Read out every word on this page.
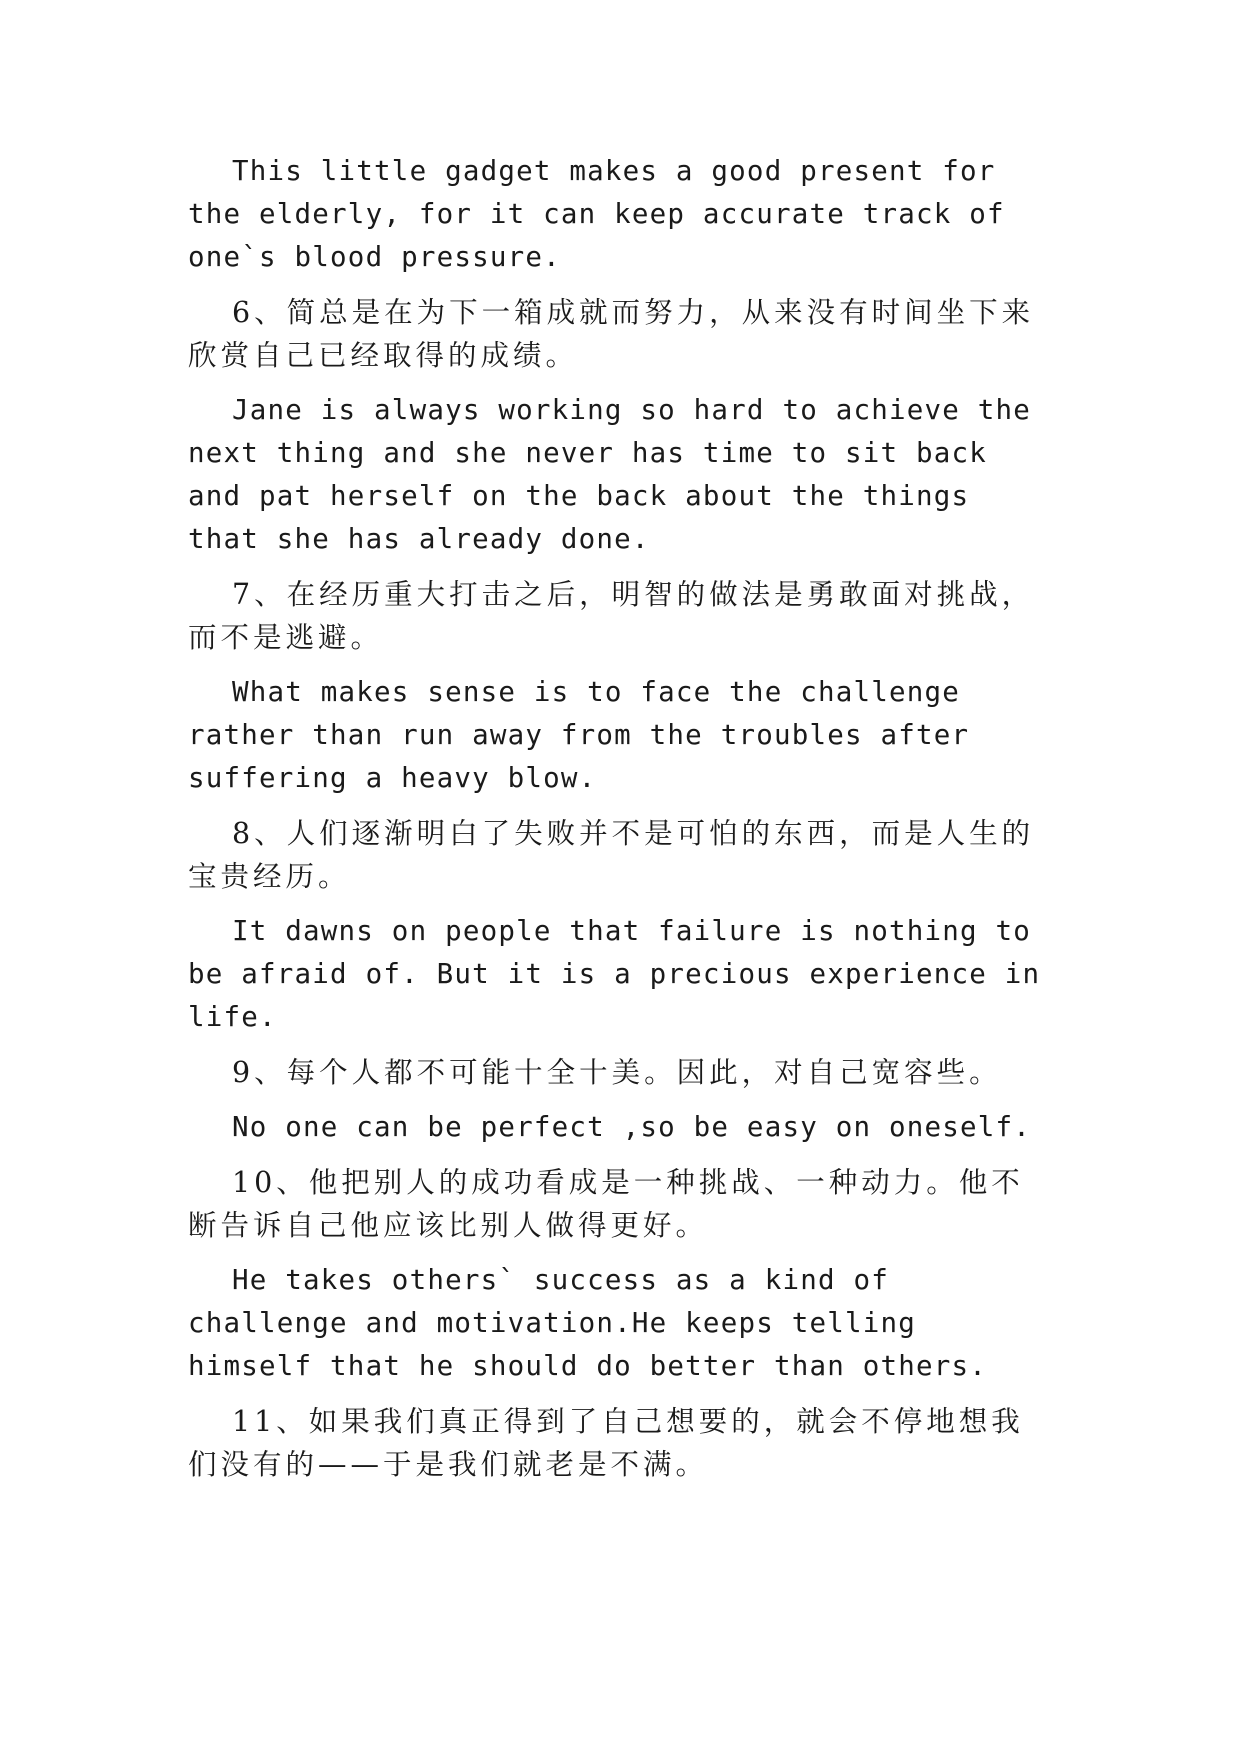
This little gadget makes a good present for the elderly, for it can keep accurate track of one`s blood pressure.

6、简总是在为下一箱成就而努力，从来没有时间坐下来欣赏自己已经取得的成绩。

Jane is always working so hard to achieve the next thing and she never has time to sit back and pat herself on the back about the things that she has already done.

7、在经历重大打击之后，明智的做法是勇敢面对挑战，而不是逃避。

What makes sense is to face the challenge rather than run away from the troubles after suffering a heavy blow.

8、人们逐渐明白了失败并不是可怕的东西，而是人生的宝贵经历。

It dawns on people that failure is nothing to be afraid of. But it is a precious experience in life.

9、每个人都不可能十全十美。因此，对自己宽容些。

No one can be perfect ,so be easy on oneself.

10、他把别人的成功看成是一种挑战、一种动力。他不断告诉自己他应该比别人做得更好。

He takes others` success as a kind of challenge and motivation.He keeps telling himself that he should do better than others.

11、如果我们真正得到了自己想要的，就会不停地想我们没有的——于是我们就老是不满。
